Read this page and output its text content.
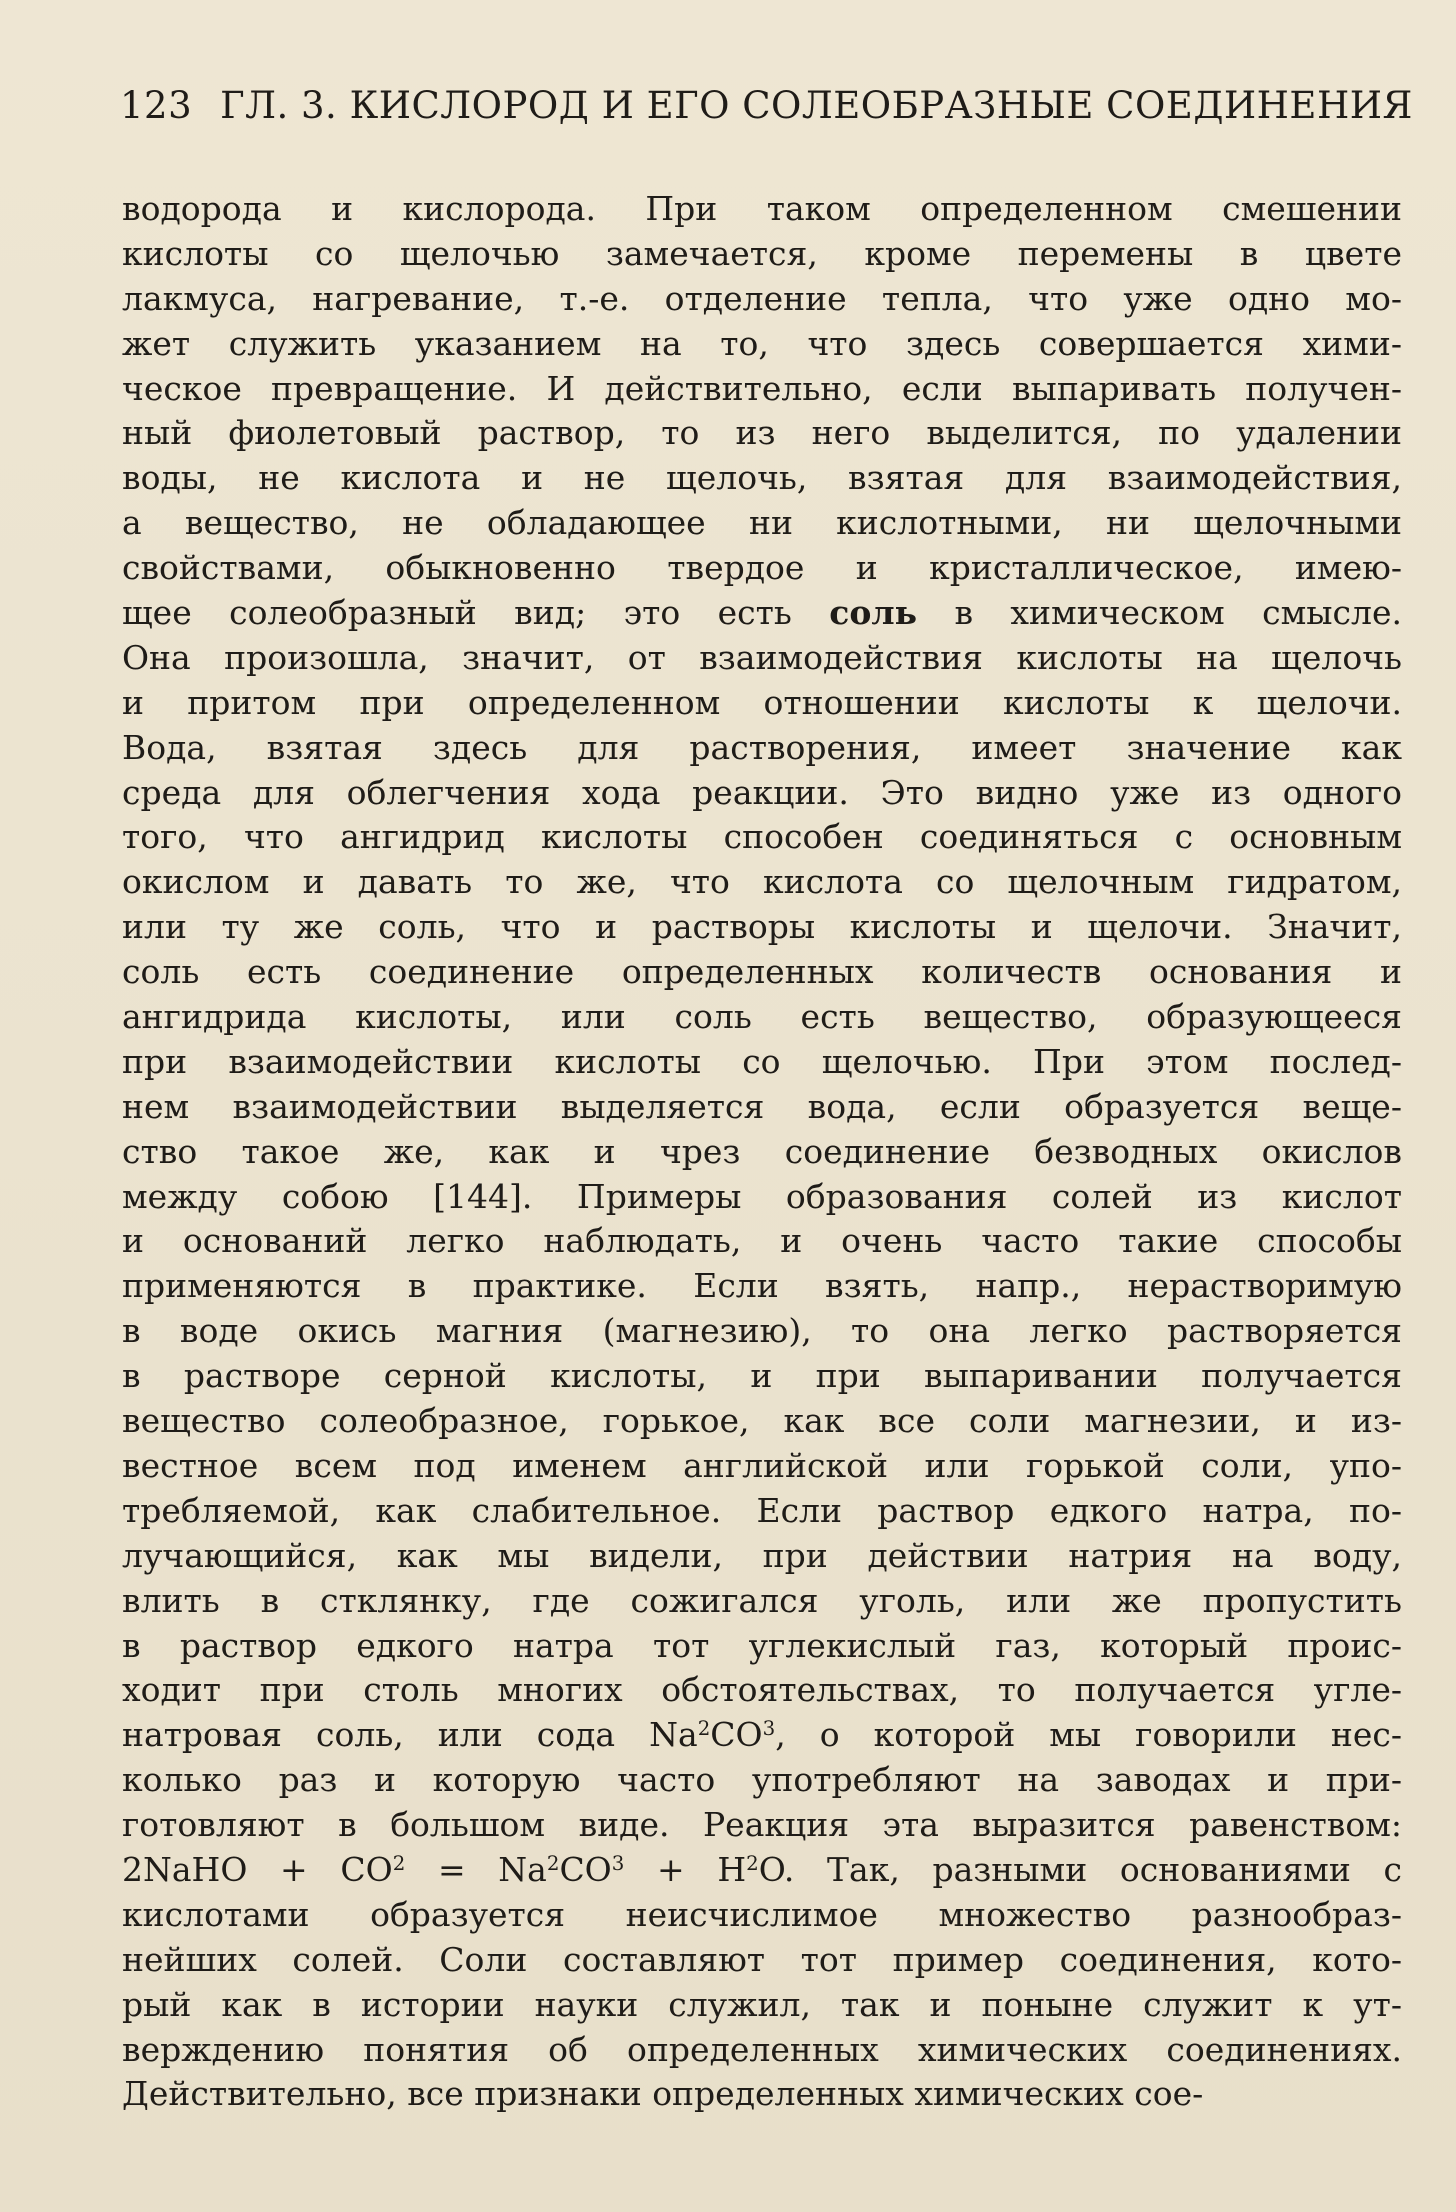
123 ГЛ. 3. КИСЛОРОД И ЕГО СОЛЕОБРАЗНЫЕ СОЕДИНЕНИЯ
водорода и кислорода. При таком определенном смешении
кислоты со щелочью замечается, кроме перемены в цвете
лакмуса, нагревание, т.-е. отделение тепла, что уже одно мо-
жет служить указанием на то, что здесь совершается хими-
ческое превращение. И действительно, если выпаривать получен-
ный фиолетовый раствор, то из него выделится, по удалении
воды, не кислота и не щелочь, взятая для взаимодействия,
а вещество, не обладающее ни кислотными, ни щелочными
свойствами, обыкновенно твердое и кристаллическое, имею-
щее солеобразный вид; это есть соль в химическом смысле.
Она произошла, значит, от взаимодействия кислоты на щелочь
и притом при определенном отношении кислоты к щелочи.
Вода, взятая здесь для растворения, имеет значение как
среда для облегчения хода реакции. Это видно уже из одного
того, что ангидрид кислоты способен соединяться с основным
окислом и давать то же, что кислота со щелочным гидратом,
или ту же соль, что и растворы кислоты и щелочи. Значит,
соль есть соединение определенных количеств основания и
ангидрида кислоты, или соль есть вещество, образующееся
при взаимодействии кислоты со щелочью. При этом послед-
нем взаимодействии выделяется вода, если образуется веще-
ство такое же, как и чрез соединение безводных окислов
между собою [144]. Примеры образования солей из кислот
и оснований легко наблюдать, и очень часто такие способы
применяются в практике. Если взять, напр., нерастворимую
в воде окись магния (магнезию), то она легко растворяется
в растворе серной кислоты, и при выпаривании получается
вещество солеобразное, горькое, как все соли магнезии, и из-
вестное всем под именем английской или горькой соли, упо-
требляемой, как слабительное. Если раствор едкого натра, по-
лучающийся, как мы видели, при действии натрия на воду,
влить в стклянку, где сожигался уголь, или же пропустить
в раствор едкого натра тот углекислый газ, который проис-
ходит при столь многих обстоятельствах, то получается угле-
натровая соль, или сода $Na^2CO^3$, о которой мы говорили нес-
колько раз и которую часто употребляют на заводах и при-
готовляют в большом виде. Реакция эта выразится равенством:
2NaHO + $CO^2 = Na^2CO^3 + H^2O$. Так, разными основаниями с
кислотами образуется неисчислимое множество разнообраз-
нейших солей. Соли составляют тот пример соединения, кото-
рый как в истории науки служил, так и поныне служит к ут-
верждению понятия об определенных химических соединениях.
Действительно, все признаки определенных химических сое-
